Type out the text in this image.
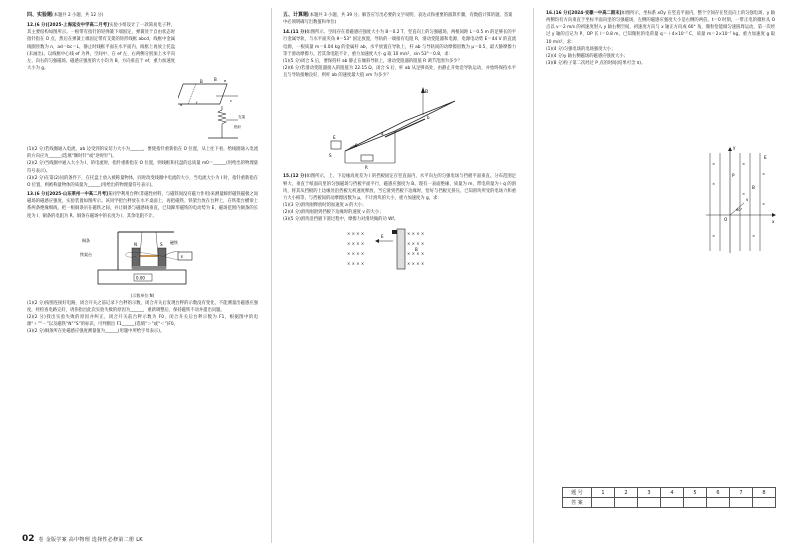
四、实验题(本题共 2 小题，共 12 分)

12.(6 分)[2025·上海延安中学高二月考]实验小组设计了一款简易电子秤，其主要结构如图所示。一根带有指针的轻弹簧下端固定，弹簧处于自由状态时指针指在 O 点，然后在弹簧上端固定带有支架的矩形线框 abcd，线框中金属线圈匝数为 n，ad＝bc＝L，静止时线框平面在水平面内，线框上再放上托盘(未画出)。以线框中心线 ef 为界，空间中、在 ef 左、右两侧分别加上水平向左、向右的匀强磁场，磁感应强度的大小均为 B，方向垂直于 ef，重力加速度大小为 g。

B	B
支架
指针
a
c
f
e

(1)(2 分)若线圈通入电流，ab 边受到的安培力大小为______，要使指针重新指在 O 位置，从上往下看，给线圈通入电流的方向应为______(选填“顺时针”或“逆时针”)。

(2)(2 分)当线圈中通入大小为 I，的电流时，指针重新指在 O 位置，则线框和托盘的总质量 m0＝______(用给出的物理量符号表示)。

(3)(2 分)在第(2)问的条件下，在托盘上放入被称量物体，同时改变线圈中电流的大小，当电流大小为 I 时，指针重新指在 O 位置，则被称量物体的质量为______(用给出的物理量符号表示)。

13.(6 分)[2025·山东莱州一中高二月考]某同学利用台秤(非磁性材料，与磁铁间没有磁力作用)来测量蹄形磁铁磁极之间磁场的磁感应强度，实验装置如图所示。该同学把台秤放在水平桌面上，再把磁铁、铁架台放在台秤上，在铁架台横梁上系两条绝缘细线，把一根铜条吊在磁铁之间，并让铜条与磁感线垂直，已知蹄形磁铁的电动势为 E，磁场范围内铜条的长度为 l、铜条的电阻为 R，铜条在磁场中的长度为 l，其余电阻不计。

N	S
E
铜条
铁架台
磁铁
0.00
(示数单位:N)

(1)(2 分)按图连接好电路，闭合开关之前记录下台秤的示数，闭合开关后发现台秤的示数没有变化，不能测量出磁感应强度，经检查电路完好，请你指出此次实验失败的原因为______，重新调整后，保持磁铁不动并提出问题。

(2)(2 分)找出实验失败的原因并纠正，闭合开关前台秤示数为 F0，闭合开关后台秤示数为 F1，根据图中的电源“＋”“－”以及磁铁“N”“S”的标识，可判断出 F1______(选填“＞”或“＜”)F0。

(3)(2 分)铜条所在处磁感应强度测量值为______(用题中所给字母表示)。

五、计算题(本题共 3 小题，共 39 分。解答应写出必要的文字说明、表达式和重要的演算步骤，有数值计算的题，答案中必须明确写出数值和单位)

14.(11 分)如图所示，空间存在着磁感应强度大小为 B＝0.2 T、竖直向上的匀强磁场，两根间距 L＝0.5 m 的足够长的平行金属导轨，与水平面夹角 θ＝53° 固定放置，导轨的一端接有电阻 R，滑动变阻器和电源，电源电动势 E＝44 V 的直流电源，一根质量 m＝0.04 kg 的金属杆 ab，水平放置在导轨上，杆 ab 与导轨间的动摩擦因数为 μ＝0.5，最大静摩擦力等于滑动摩擦力。若其余电阻不计，重力加速度大小 g 取 10 m/s²，sin 53°＝0.8，求：

(1)(5 分)闭合 S 后，要保持杆 ab 静止在倾斜导轨上，滑动变阻器的阻值 R 调节范围为多少？

(2)(6 分)若滑动变阻器接入的阻值为 22.15 Ω，闭合 S 后，杆 ab 从足够高处，由静止开始沿导轨运动，并始终保持水平且与导轨接触良好，则杆 ab 的速度最大值 vm 为多少？

B
a
b
E
R
S
θ

15.(12 分)如图所示，上、下边缘高度差为 l 的挡板固定在竖直面内，水平向左的匀强电场与挡板平面垂直。分布范围足够大、垂直于纸面向里的匀强磁场与挡板平面平行，磁感应强度为 B。现有一表面绝缘、质量为 m、带电荷量为＋q 的滑块，将其从挡板的上边缘处沿挡板无初速度释放，当它滑到挡板下边缘时，恰好与挡板无挤压，已知滑块所受的电场力和重力大小相等，与挡板间的动摩擦因数为 μ，不计滑块的大小，重力加速度为 g，求：

(1)(3 分)滑块刚释放时的加速度 a 的大小；

(2)(4 分)滑块刚滑到挡板下边缘时的速度 v 的大小；

(3)(5 分)滑块沿挡板下滑过程中，摩擦力对滑块做的功 Wf。

× × × ×	× × × ×
× × × ×	× × × ×
× × × ×	× × × ×
× × × ×	× × × ×
E
B

16.(16 分)[2024·安徽一中高二期末]如图所示，坐标系 xOy 在竖直平面内，整个空间存在竖直向上的匀强电场，y 轴两侧均有方向垂直于坐标平面向里的匀强磁场，左侧的磁感应强度大小是右侧的两倍。t＝0 时刻，一带正电的微粒从 O 点以 v＝2 m/s 的初速度射入 y 轴右侧空间，初速度方向与 x 轴正方向成 60° 角，微粒恰能做匀速圆周运动，第一次经过 y 轴的点记为 P，OP 长 l＝0.8 m，已知微粒的电荷量 q＝＋4×10⁻⁷ C，质量 m＝2×10⁻⁷ kg，重力加速度 g 取 10 m/s²，求：

(1)(4 分)匀强电场的电场强度大小；

(2)(4 分)y 轴右侧磁场的磁感应强度大小；

(3)(8 分)粒子第二次经过 P 点的时间(结果可含 π)。

×
×
×
×
×
×
×
×
y
x
O
P
E
B
v
60°
题 号	1	2	3	4	5	6	7	8
答 案								
02 卷 金版学案 高中物理 选择性必修第二册 LK
